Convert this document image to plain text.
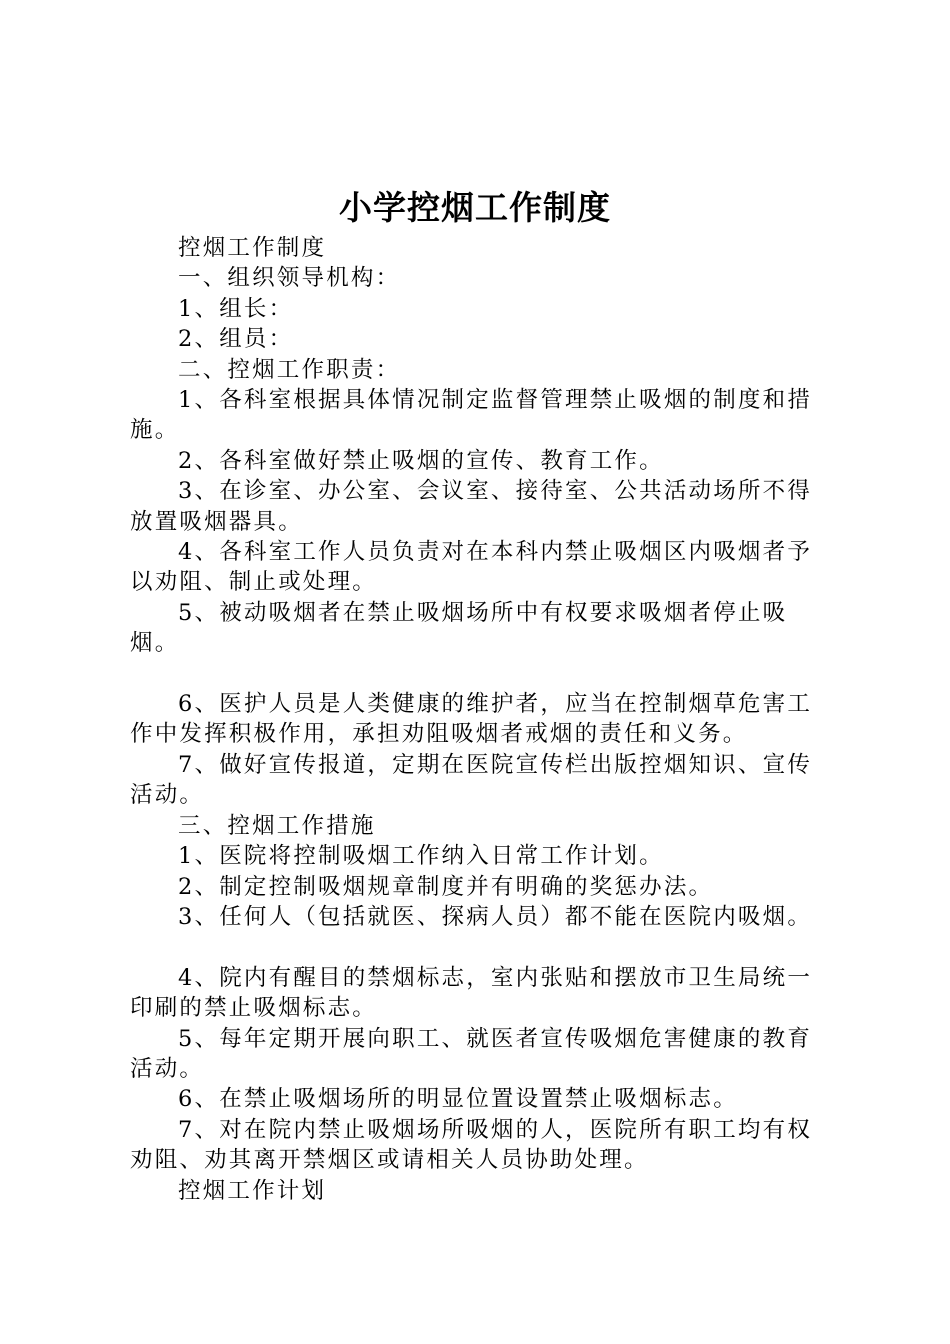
小学控烟工作制度

控烟工作制度

一、组织领导机构：

1、组长：

2、组员：

二、控烟工作职责：

1、各科室根据具体情况制定监督管理禁止吸烟的制度和措施。

2、各科室做好禁止吸烟的宣传、教育工作。

3、在诊室、办公室、会议室、接待室、公共活动场所不得放置吸烟器具。

4、各科室工作人员负责对在本科内禁止吸烟区内吸烟者予以劝阻、制止或处理。

5、被动吸烟者在禁止吸烟场所中有权要求吸烟者停止吸烟。

6、医护人员是人类健康的维护者，应当在控制烟草危害工作中发挥积极作用，承担劝阻吸烟者戒烟的责任和义务。

7、做好宣传报道，定期在医院宣传栏出版控烟知识、宣传活动。

三、控烟工作措施

1、医院将控制吸烟工作纳入日常工作计划。

2、制定控制吸烟规章制度并有明确的奖惩办法。

3、任何人（包括就医、探病人员）都不能在医院内吸烟。

4、院内有醒目的禁烟标志，室内张贴和摆放市卫生局统一印刷的禁止吸烟标志。

5、每年定期开展向职工、就医者宣传吸烟危害健康的教育活动。

6、在禁止吸烟场所的明显位置设置禁止吸烟标志。

7、对在院内禁止吸烟场所吸烟的人，医院所有职工均有权劝阻、劝其离开禁烟区或请相关人员协助处理。

控烟工作计划
